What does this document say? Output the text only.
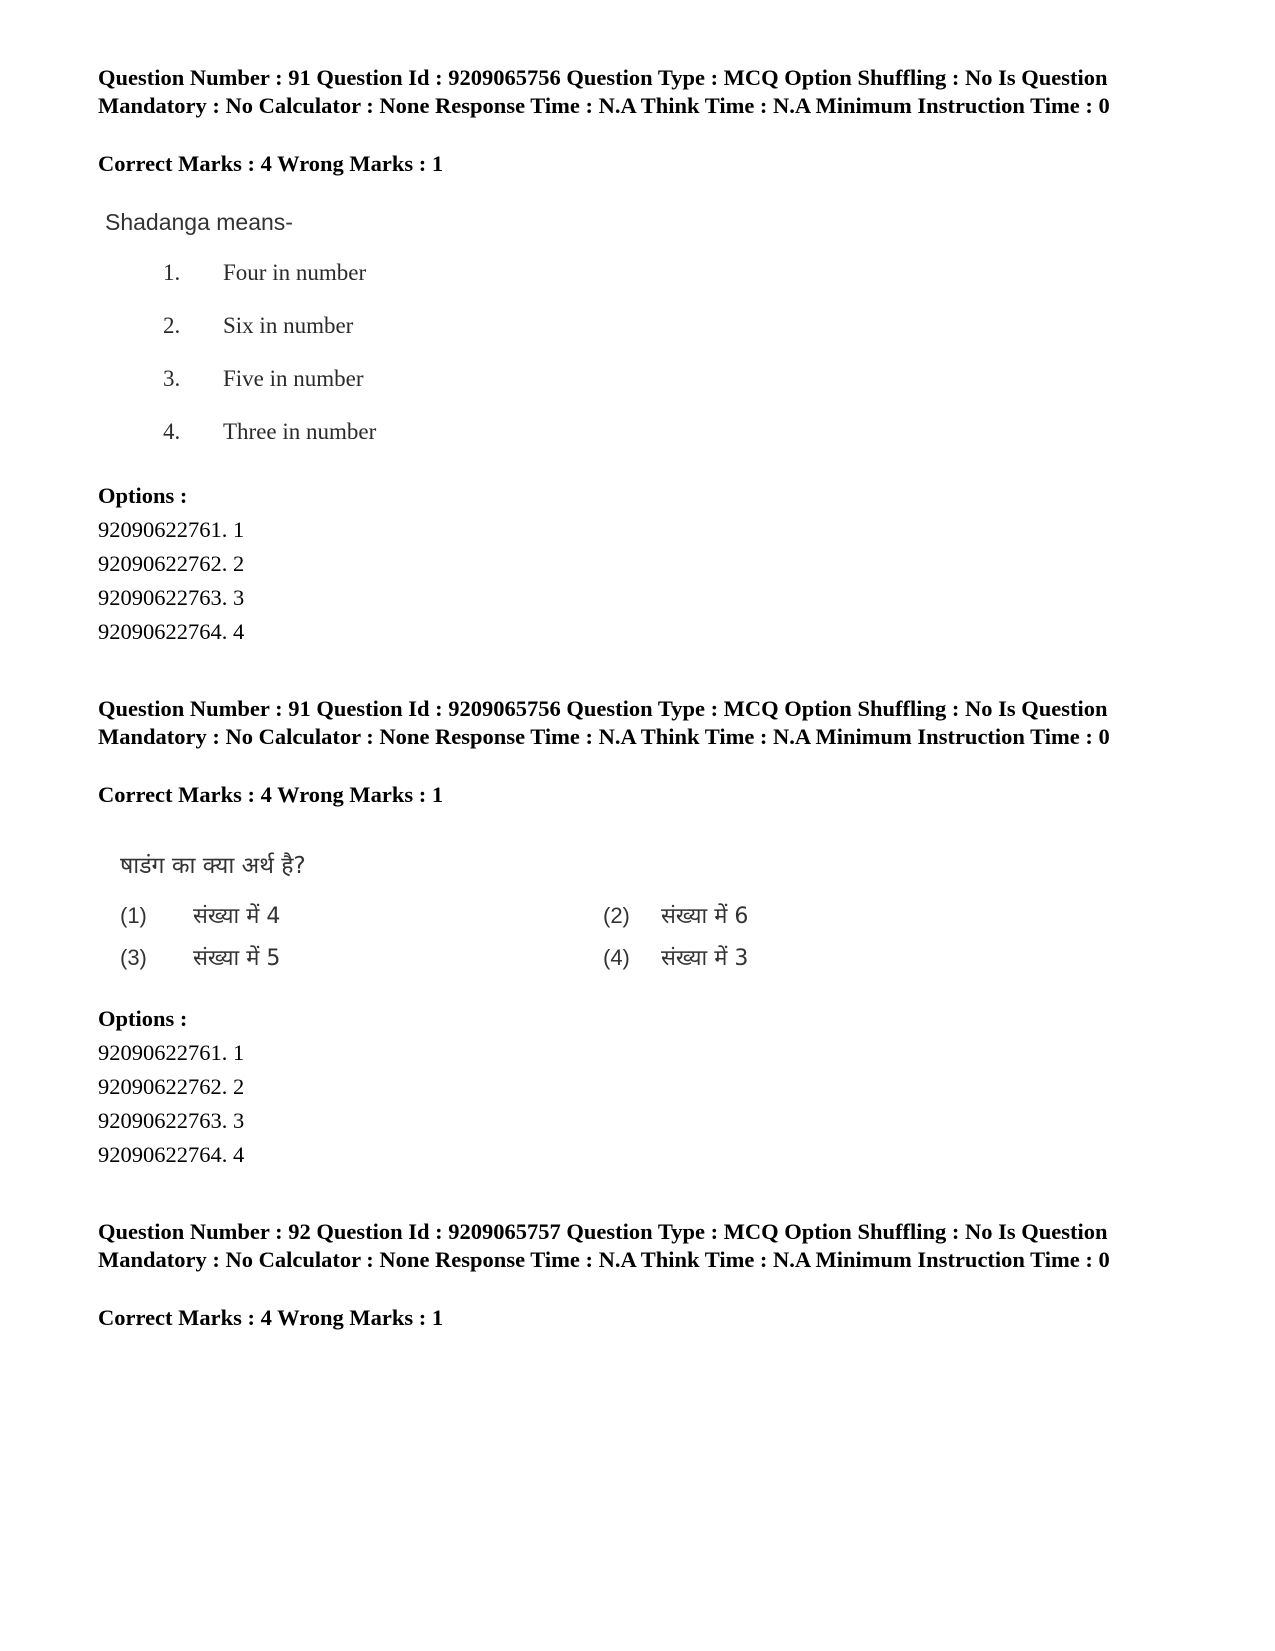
Question Number : 91 Question Id : 9209065756 Question Type : MCQ Option Shuffling : No Is Question Mandatory : No Calculator : None Response Time : N.A Think Time : N.A Minimum Instruction Time : 0
Correct Marks : 4 Wrong Marks : 1
Shadanga means-
1. Four in number
2. Six in number
3. Five in number
4. Three in number
Options :
92090622761. 1
92090622762. 2
92090622763. 3
92090622764. 4
Question Number : 91 Question Id : 9209065756 Question Type : MCQ Option Shuffling : No Is Question Mandatory : No Calculator : None Response Time : N.A Think Time : N.A Minimum Instruction Time : 0
Correct Marks : 4 Wrong Marks : 1
षाडंग का क्या अर्थ है?
(1) संख्या में 4	(2) संख्या में 6
(3) संख्या में 5	(4) संख्या में 3
Options :
92090622761. 1
92090622762. 2
92090622763. 3
92090622764. 4
Question Number : 92 Question Id : 9209065757 Question Type : MCQ Option Shuffling : No Is Question Mandatory : No Calculator : None Response Time : N.A Think Time : N.A Minimum Instruction Time : 0
Correct Marks : 4 Wrong Marks : 1
